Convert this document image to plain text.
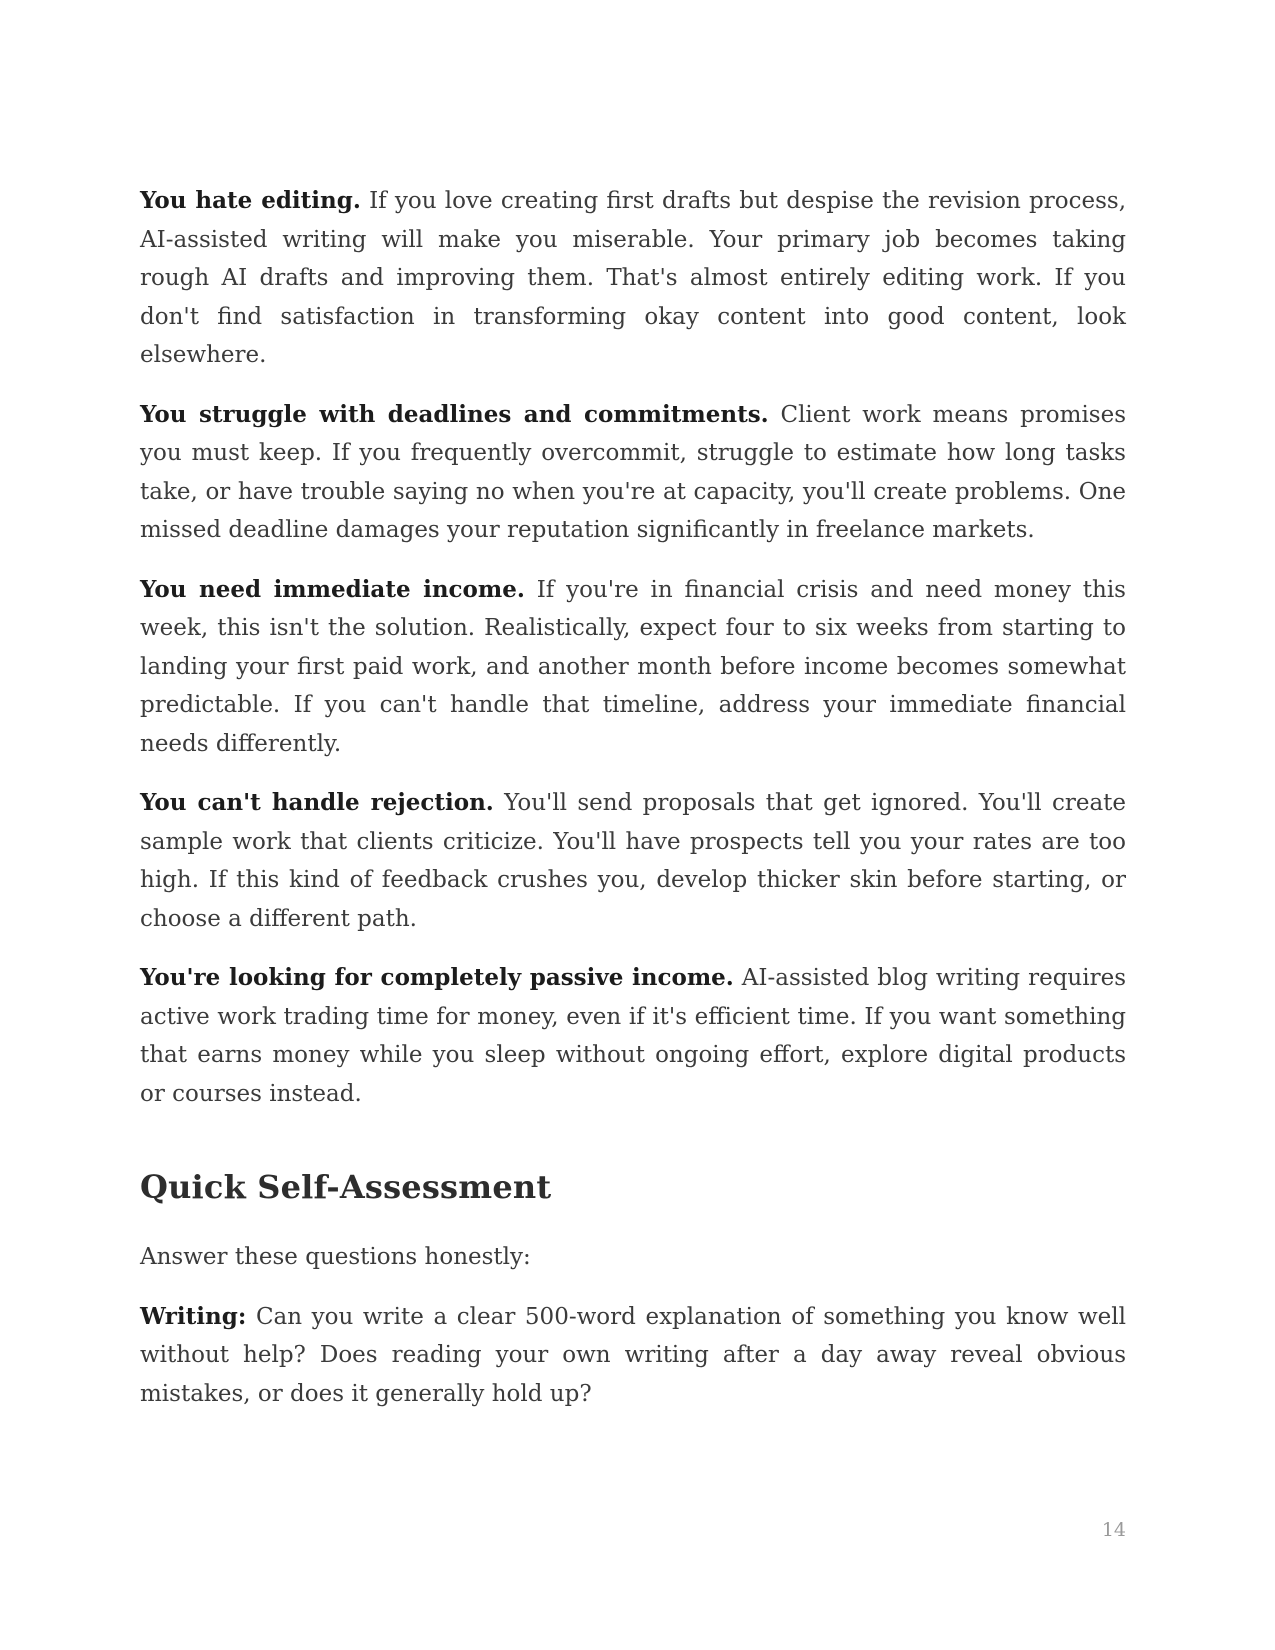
You hate editing. If you love creating first drafts but despise the revision process, AI-assisted writing will make you miserable. Your primary job becomes taking rough AI drafts and improving them. That's almost entirely editing work. If you don't find satisfaction in transforming okay content into good content, look elsewhere.

You struggle with deadlines and commitments. Client work means promises you must keep. If you frequently overcommit, struggle to estimate how long tasks take, or have trouble saying no when you're at capacity, you'll create problems. One missed deadline damages your reputation significantly in freelance markets.

You need immediate income. If you're in financial crisis and need money this week, this isn't the solution. Realistically, expect four to six weeks from starting to landing your first paid work, and another month before income becomes somewhat predictable. If you can't handle that timeline, address your immediate financial needs differently.

You can't handle rejection. You'll send proposals that get ignored. You'll create sample work that clients criticize. You'll have prospects tell you your rates are too high. If this kind of feedback crushes you, develop thicker skin before starting, or choose a different path.

You're looking for completely passive income. AI-assisted blog writing requires active work trading time for money, even if it's efficient time. If you want something that earns money while you sleep without ongoing effort, explore digital products or courses instead.

Quick Self-Assessment

Answer these questions honestly:

Writing: Can you write a clear 500-word explanation of something you know well without help? Does reading your own writing after a day away reveal obvious mistakes, or does it generally hold up?

14
